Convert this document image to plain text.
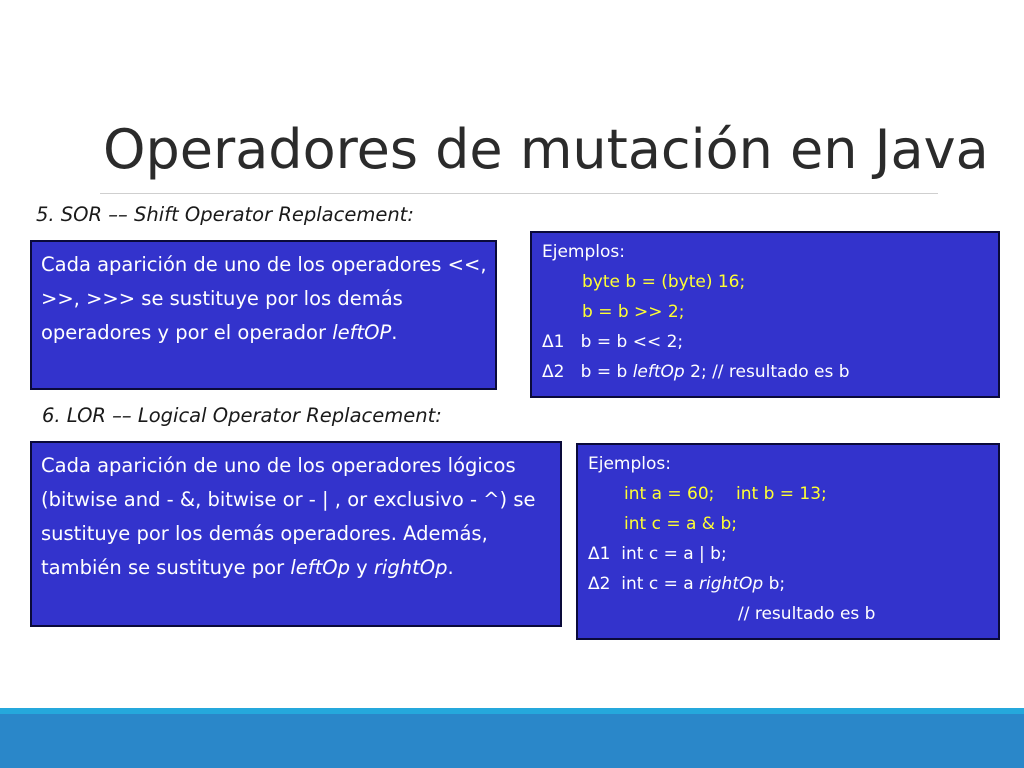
Operadores de mutación en Java
5. SOR –– Shift Operator Replacement:

Cada aparición de uno de los operadores <<, >>, >>> se sustituye por los demás operadores y por el operador leftOP.

Ejemplos:
byte b = (byte) 16;
b = b >> 2;
Δ1   b = b << 2;
Δ2   b = b leftOp 2; // resultado es b
6. LOR –– Logical Operator Replacement:

Cada aparición de uno de los operadores lógicos (bitwise and - &, bitwise or - | , or exclusivo - ^) se sustituye por los demás operadores. Además, también se sustituye por leftOp y rightOp.

Ejemplos:
int a = 60;    int b = 13;
int c = a & b;
Δ1  int c = a | b;
Δ2  int c = a rightOp b;
// resultado es b
